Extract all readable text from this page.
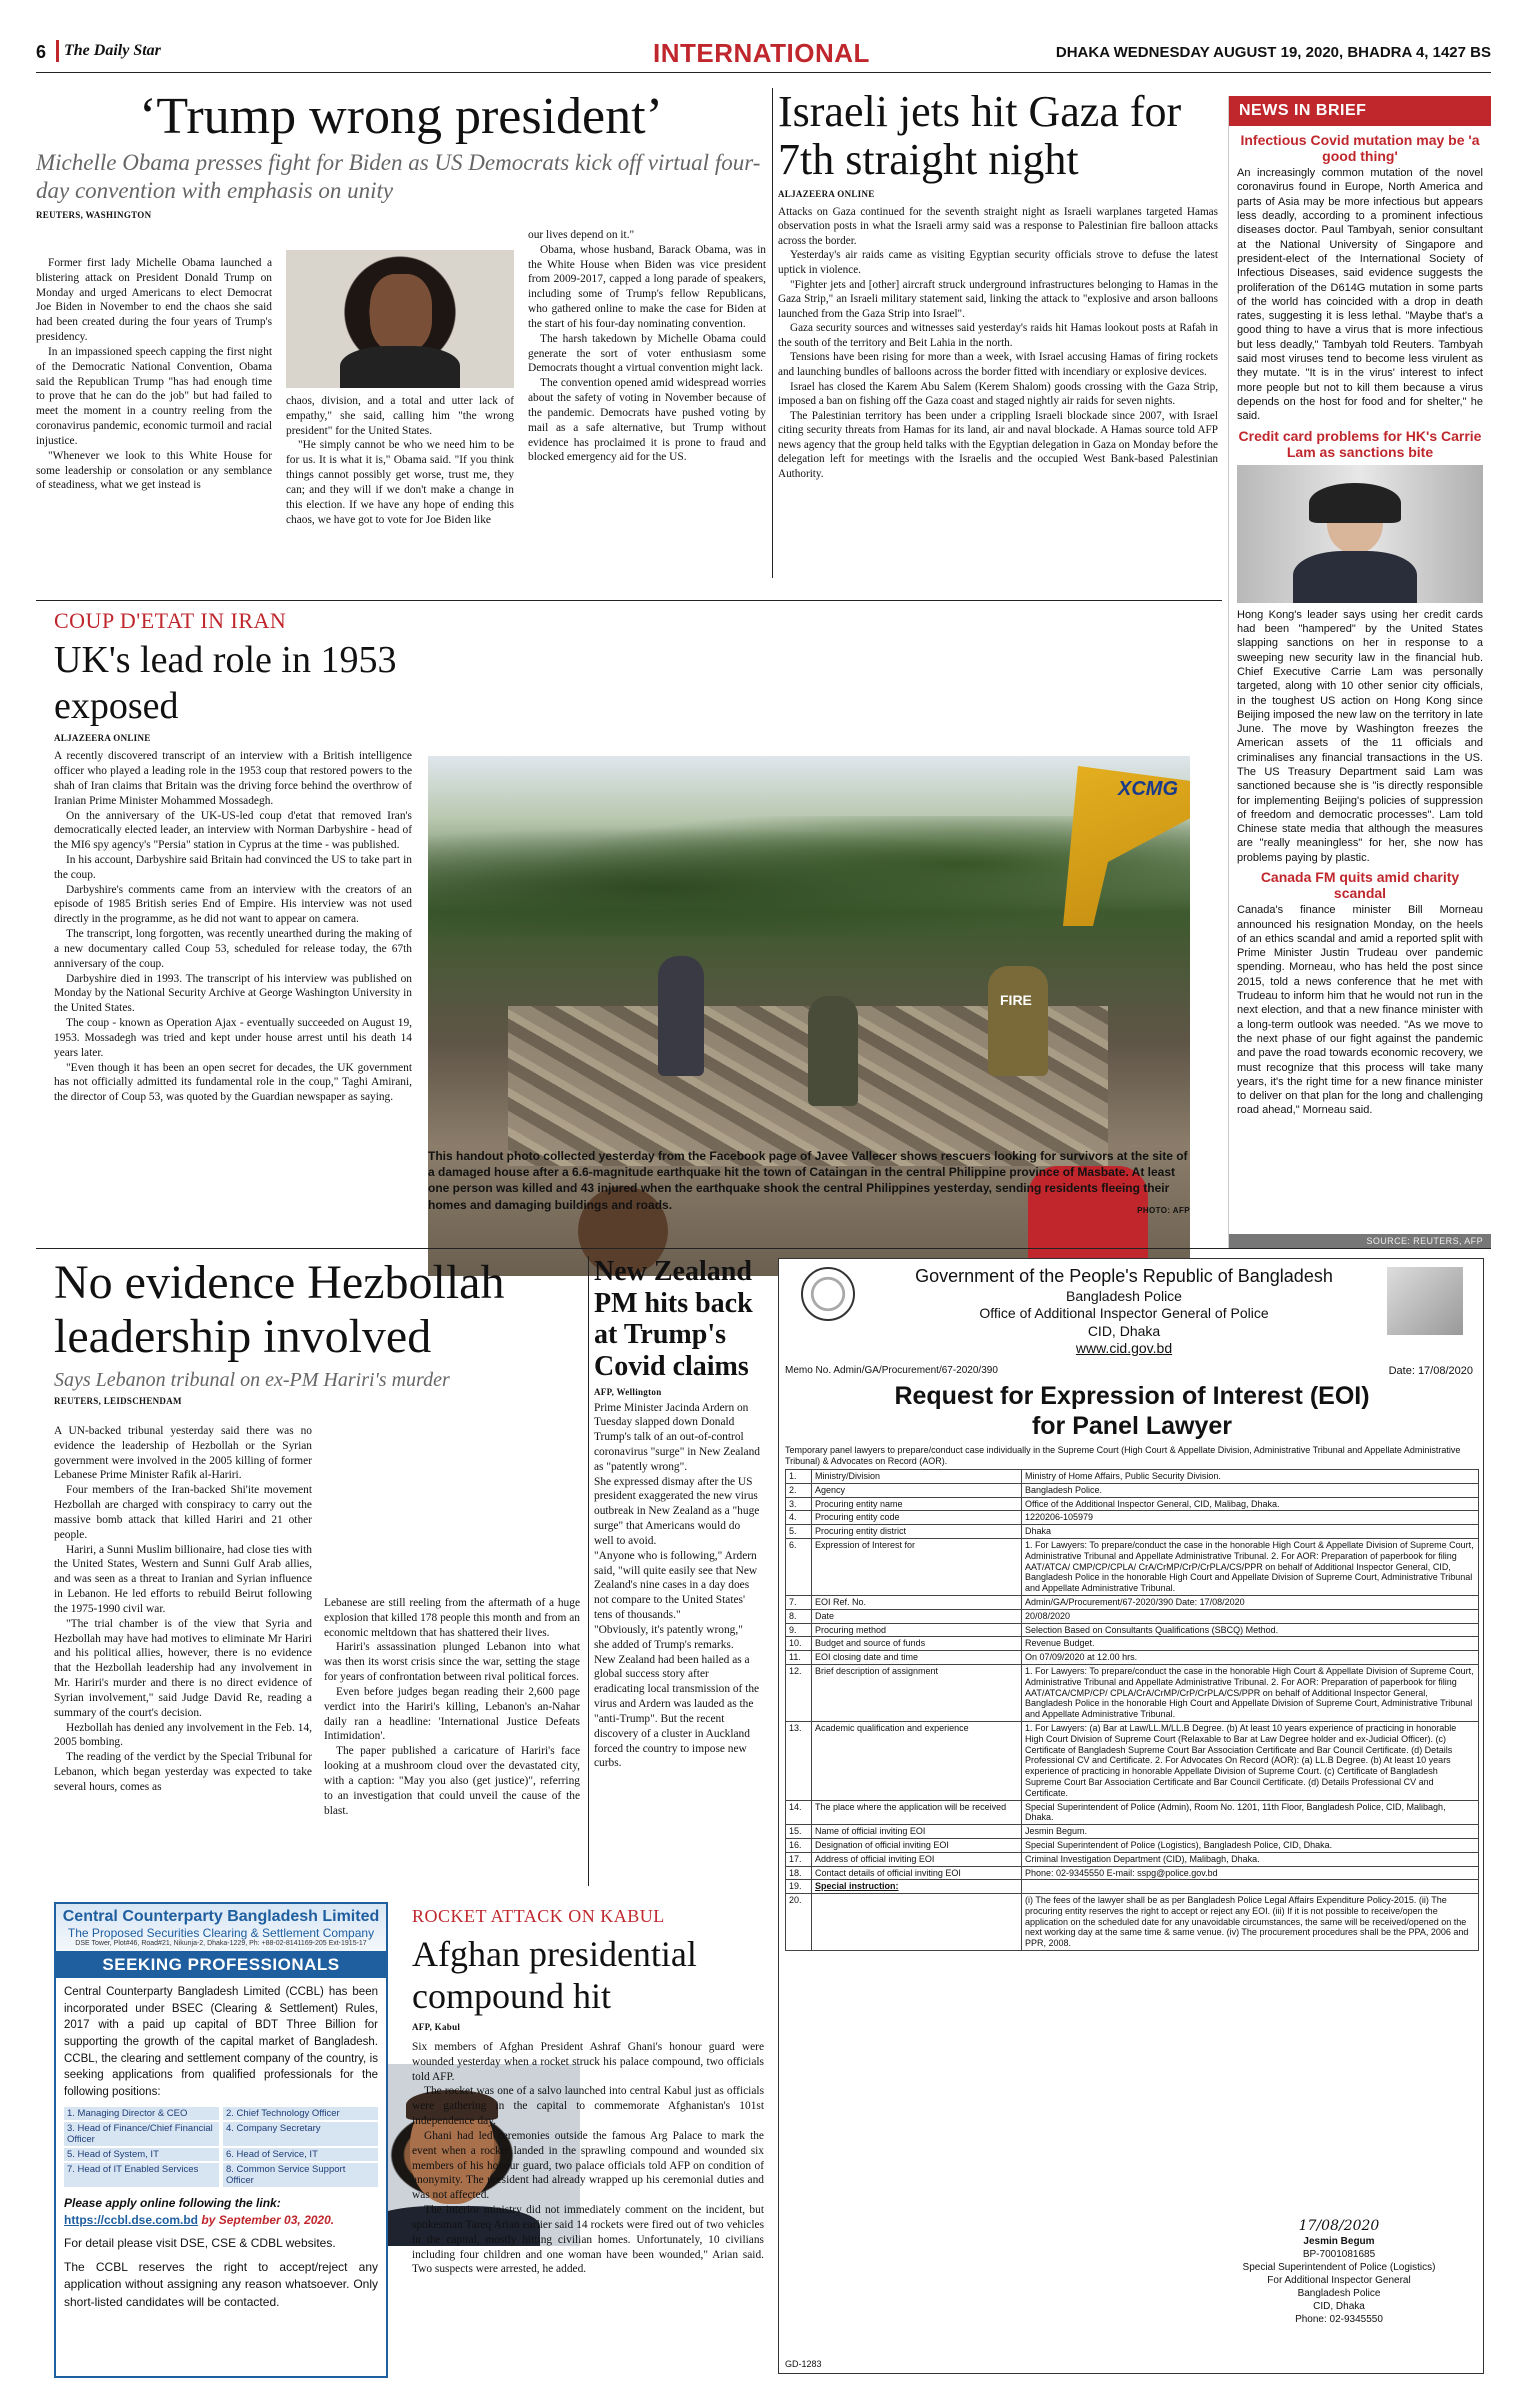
6 The Daily Star	INTERNATIONAL	DHAKA WEDNESDAY AUGUST 19, 2020, BHADRA 4, 1427 BS
‘Trump wrong president’
Michelle Obama presses fight for Biden as US Democrats kick off virtual four-day convention with emphasis on unity
REUTERS, WASHINGTON

Former first lady Michelle Obama launched a blistering attack on President Donald Trump on Monday and urged Americans to elect Democrat Joe Biden in November to end the chaos she said had been created during the four years of Trump's presidency.

In an impassioned speech capping the first night of the Democratic National Convention, Obama said the Republican Trump "has had enough time to prove that he can do the job" but had failed to meet the moment in a country reeling from the coronavirus pandemic, economic turmoil and racial injustice.

"Whenever we look to this White House for some leadership or consolation or any semblance of steadiness, what we get instead is

chaos, division, and a total and utter lack of empathy," she said, calling him "the wrong president" for the United States.

"He simply cannot be who we need him to be for us. It is what it is," Obama said. "If you think things cannot possibly get worse, trust me, they can; and they will if we don't make a change in this election. If we have any hope of ending this chaos, we have got to vote for Joe Biden like

our lives depend on it."

Obama, whose husband, Barack Obama, was in the White House when Biden was vice president from 2009-2017, capped a long parade of speakers, including some of Trump's fellow Republicans, who gathered online to make the case for Biden at the start of his four-day nominating convention.

The harsh takedown by Michelle Obama could generate the sort of voter enthusiasm some Democrats thought a virtual convention might lack.

The convention opened amid widespread worries about the safety of voting in November because of the pandemic. Democrats have pushed voting by mail as a safe alternative, but Trump without evidence has proclaimed it is prone to fraud and blocked emergency aid for the US.

Israeli jets hit Gaza for 7th straight night
ALJAZEERA ONLINE

Attacks on Gaza continued for the seventh straight night as Israeli warplanes targeted Hamas observation posts in what the Israeli army said was a response to Palestinian fire balloon attacks across the border.

Yesterday's air raids came as visiting Egyptian security officials strove to defuse the latest uptick in violence.

"Fighter jets and [other] aircraft struck underground infrastructures belonging to Hamas in the Gaza Strip," an Israeli military statement said, linking the attack to "explosive and arson balloons launched from the Gaza Strip into Israel".

Gaza security sources and witnesses said yesterday's raids hit Hamas lookout posts at Rafah in the south of the territory and Beit Lahia in the north.

Tensions have been rising for more than a week, with Israel accusing Hamas of firing rockets and launching bundles of balloons across the border fitted with incendiary or explosive devices.

Israel has closed the Karem Abu Salem (Kerem Shalom) goods crossing with the Gaza Strip, imposed a ban on fishing off the Gaza coast and staged nightly air raids for seven nights.

The Palestinian territory has been under a crippling Israeli blockade since 2007, with Israel citing security threats from Hamas for its land, air and naval blockade. A Hamas source told AFP news agency that the group held talks with the Egyptian delegation in Gaza on Monday before the delegation left for meetings with the Israelis and the occupied West Bank-based Palestinian Authority.

NEWS IN BRIEF
Infectious Covid mutation may be 'a good thing'
An increasingly common mutation of the novel coronavirus found in Europe, North America and parts of Asia may be more infectious but appears less deadly, according to a prominent infectious diseases doctor. Paul Tambyah, senior consultant at the National University of Singapore and president-elect of the International Society of Infectious Diseases, said evidence suggests the proliferation of the D614G mutation in some parts of the world has coincided with a drop in death rates, suggesting it is less lethal. "Maybe that's a good thing to have a virus that is more infectious but less deadly," Tambyah told Reuters. Tambyah said most viruses tend to become less virulent as they mutate. "It is in the virus' interest to infect more people but not to kill them because a virus depends on the host for food and for shelter," he said.
Credit card problems for HK's Carrie Lam as sanctions bite
Hong Kong's leader says using her credit cards had been "hampered" by the United States slapping sanctions on her in response to a sweeping new security law in the financial hub. Chief Executive Carrie Lam was personally targeted, along with 10 other senior city officials, in the toughest US action on Hong Kong since Beijing imposed the new law on the territory in late June. The move by Washington freezes the American assets of the 11 officials and criminalises any financial transactions in the US. The US Treasury Department said Lam was sanctioned because she is "is directly responsible for implementing Beijing's policies of suppression of freedom and democratic processes". Lam told Chinese state media that although the measures are "really meaningless" for her, she now has problems paying by plastic.
Canada FM quits amid charity scandal
Canada's finance minister Bill Morneau announced his resignation Monday, on the heels of an ethics scandal and amid a reported split with Prime Minister Justin Trudeau over pandemic spending. Morneau, who has held the post since 2015, told a news conference that he met with Trudeau to inform him that he would not run in the next election, and that a new finance minister with a long-term outlook was needed. "As we move to the next phase of our fight against the pandemic and pave the road towards economic recovery, we must recognize that this process will take many years, it's the right time for a new finance minister to deliver on that plan for the long and challenging road ahead," Morneau said.
SOURCE: REUTERS, AFP
COUP D'ETAT IN IRAN
UK's lead role in 1953 exposed
ALJAZEERA ONLINE

A recently discovered transcript of an interview with a British intelligence officer who played a leading role in the 1953 coup that restored powers to the shah of Iran claims that Britain was the driving force behind the overthrow of Iranian Prime Minister Mohammed Mossadegh.

On the anniversary of the UK-US-led coup d'etat that removed Iran's democratically elected leader, an interview with Norman Darbyshire - head of the MI6 spy agency's "Persia" station in Cyprus at the time - was published.

In his account, Darbyshire said Britain had convinced the US to take part in the coup.

Darbyshire's comments came from an interview with the creators of an episode of 1985 British series End of Empire. His interview was not used directly in the programme, as he did not want to appear on camera.

The transcript, long forgotten, was recently unearthed during the making of a new documentary called Coup 53, scheduled for release today, the 67th anniversary of the coup.

Darbyshire died in 1993. The transcript of his interview was published on Monday by the National Security Archive at George Washington University in the United States.

The coup - known as Operation Ajax - eventually succeeded on August 19, 1953. Mossadegh was tried and kept under house arrest until his death 14 years later.

"Even though it has been an open secret for decades, the UK government has not officially admitted its fundamental role in the coup," Taghi Amirani, the director of Coup 53, was quoted by the Guardian newspaper as saying.

XCMG
FIRE
This handout photo collected yesterday from the Facebook page of Javee Vallecer shows rescuers looking for survivors at the site of a damaged house after a 6.6-magnitude earthquake hit the town of Cataingan in the central Philippine province of Masbate. At least one person was killed and 43 injured when the earthquake shook the central Philippines yesterday, sending residents fleeing their homes and damaging buildings and roads.	PHOTO: AFP
No evidence Hezbollah leadership involved
Says Lebanon tribunal on ex-PM Hariri's murder
REUTERS, LEIDSCHENDAM

A UN-backed tribunal yesterday said there was no evidence the leadership of Hezbollah or the Syrian government were involved in the 2005 killing of former Lebanese Prime Minister Rafik al-Hariri.

Four members of the Iran-backed Shi'ite movement Hezbollah are charged with conspiracy to carry out the massive bomb attack that killed Hariri and 21 other people.

Hariri, a Sunni Muslim billionaire, had close ties with the United States, Western and Sunni Gulf Arab allies, and was seen as a threat to Iranian and Syrian influence in Lebanon. He led efforts to rebuild Beirut following the 1975-1990 civil war.

"The trial chamber is of the view that Syria and Hezbollah may have had motives to eliminate Mr Hariri and his political allies, however, there is no evidence that the Hezbollah leadership had any involvement in Mr. Hariri's murder and there is no direct evidence of Syrian involvement," said Judge David Re, reading a summary of the court's decision.

Hezbollah has denied any involvement in the Feb. 14, 2005 bombing.

The reading of the verdict by the Special Tribunal for Lebanon, which began yesterday was expected to take several hours, comes as

Lebanese are still reeling from the aftermath of a huge explosion that killed 178 people this month and from an economic meltdown that has shattered their lives.

Hariri's assassination plunged Lebanon into what was then its worst crisis since the war, setting the stage for years of confrontation between rival political forces.

Even before judges began reading their 2,600 page verdict into the Hariri's killing, Lebanon's an-Nahar daily ran a headline: 'International Justice Defeats Intimidation'.

The paper published a caricature of Hariri's face looking at a mushroom cloud over the devastated city, with a caption: "May you also (get justice)", referring to an investigation that could unveil the cause of the blast.

New Zealand PM hits back at Trump's Covid claims
AFP, Wellington

Prime Minister Jacinda Ardern on Tuesday slapped down Donald Trump's talk of an out-of-control coronavirus "surge" in New Zealand as "patently wrong".

She expressed dismay after the US president exaggerated the new virus outbreak in New Zealand as a "huge surge" that Americans would do well to avoid.

"Anyone who is following," Ardern said, "will quite easily see that New Zealand's nine cases in a day does not compare to the United States' tens of thousands."

"Obviously, it's patently wrong," she added of Trump's remarks.

New Zealand had been hailed as a global success story after eradicating local transmission of the virus and Ardern was lauded as the "anti-Trump". But the recent discovery of a cluster in Auckland forced the country to impose new curbs.

Government of the People's Republic of Bangladesh
Bangladesh Police
Office of Additional Inspector General of Police
CID, Dhaka
www.cid.gov.bd
Memo No. Admin/GA/Procurement/67-2020/390	Date: 17/08/2020
Request for Expression of Interest (EOI)
for Panel Lawyer
Temporary panel lawyers to prepare/conduct case individually in the Supreme Court (High Court & Appellate Division, Administrative Tribunal and Appellate Administrative Tribunal) & Advocates on Record (AOR).
1.	Ministry/Division	Ministry of Home Affairs, Public Security Division.
2.	Agency	Bangladesh Police.
3.	Procuring entity name	Office of the Additional Inspector General, CID, Malibag, Dhaka.
4.	Procuring entity code	1220206-105979
5.	Procuring entity district	Dhaka
6.	Expression of Interest for	1. For Lawyers: To prepare/conduct the case in the honorable High Court & Appellate Division of Supreme Court, Administrative Tribunal and Appellate Administrative Tribunal. 2. For AOR: Preparation of paperbook for filing AAT/ATCA/ CMP/CP/CPLA/ CrA/CrMP/CrP/CrPLA/CS/PPR on behalf of Additional Inspector General, CID, Bangladesh Police in the honorable High Court and Appellate Division of Supreme Court, Administrative Tribunal and Appellate Administrative Tribunal.
7.	EOI Ref. No.	Admin/GA/Procurement/67-2020/390 Date: 17/08/2020
8.	Date	20/08/2020
9.	Procuring method	Selection Based on Consultants Qualifications (SBCQ) Method.
10.	Budget and source of funds	Revenue Budget.
11.	EOI closing date and time	On 07/09/2020 at 12.00 hrs.
12.	Brief description of assignment	1. For Lawyers: To prepare/conduct the case in the honorable High Court & Appellate Division of Supreme Court, Administrative Tribunal and Appellate Administrative Tribunal. 2. For AOR: Preparation of paperbook for filing AAT/ATCA/CMP/CP/ CPLA/CrA/CrMP/CrP/CrPLA/CS/PPR on behalf of Additional Inspector General, Bangladesh Police in the honorable High Court and Appellate Division of Supreme Court, Administrative Tribunal and Appellate Administrative Tribunal.
13.	Academic qualification and experience	1. For Lawyers: (a) Bar at Law/LL.M/LL.B Degree. (b) At least 10 years experience of practicing in honorable High Court Division of Supreme Court (Relaxable to Bar at Law Degree holder and ex-Judicial Officer). (c) Certificate of Bangladesh Supreme Court Bar Association Certificate and Bar Council Certificate. (d) Details Professional CV and Certificate. 2. For Advocates On Record (AOR): (a) LL.B Degree. (b) At least 10 years experience of practicing in honorable Appellate Division of Supreme Court. (c) Certificate of Bangladesh Supreme Court Bar Association Certificate and Bar Council Certificate. (d) Details Professional CV and Certificate.
14.	The place where the application will be received	Special Superintendent of Police (Admin), Room No. 1201, 11th Floor, Bangladesh Police, CID, Malibagh, Dhaka.
15.	Name of official inviting EOI	Jesmin Begum.
16.	Designation of official inviting EOI	Special Superintendent of Police (Logistics), Bangladesh Police, CID, Dhaka.
17.	Address of official inviting EOI	Criminal Investigation Department (CID), Malibagh, Dhaka.
18.	Contact details of official inviting EOI	Phone: 02-9345550 E-mail: sspg@police.gov.bd
19.	Special instruction:	
20.		(i) The fees of the lawyer shall be as per Bangladesh Police Legal Affairs Expenditure Policy-2015. (ii) The procuring entity reserves the right to accept or reject any EOI. (iii) If it is not possible to receive/open the application on the scheduled date for any unavoidable circumstances, the same will be received/opened on the next working day at the same time & same venue. (iv) The procurement procedures shall be the PPA, 2006 and PPR, 2008.
17/08/2020
Jesmin Begum
BP-7001081685
Special Superintendent of Police (Logistics)
For Additional Inspector General
Bangladesh Police
CID, Dhaka
Phone: 02-9345550
GD-1283
Central Counterparty Bangladesh Limited
The Proposed Securities Clearing & Settlement Company
DSE Tower, Plot#46, Road#21, Nikunja-2, Dhaka-1229, Ph: +88-02-8141169-205 Ext-1915-17
SEEKING PROFESSIONALS
Central Counterparty Bangladesh Limited (CCBL) has been incorporated under BSEC (Clearing & Settlement) Rules, 2017 with a paid up capital of BDT Three Billion for supporting the growth of the capital market of Bangladesh. CCBL, the clearing and settlement company of the country, is seeking applications from qualified professionals for the following positions:
1. Managing Director & CEO	2. Chief Technology Officer
3. Head of Finance/Chief Financial Officer
4. Company Secretary
5. Head of System, IT	6. Head of Service, IT
7. Head of IT Enabled Services	8. Common Service Support Officer
Please apply online following the link:
https://ccbl.dse.com.bd by September 03, 2020.
For detail please visit DSE, CSE & CDBL websites.
The CCBL reserves the right to accept/reject any application without assigning any reason whatsoever. Only short-listed candidates will be contacted.
ROCKET ATTACK ON KABUL
Afghan presidential compound hit
AFP, Kabul

Six members of Afghan President Ashraf Ghani's honour guard were wounded yesterday when a rocket struck his palace compound, two officials told AFP.

The rocket was one of a salvo launched into central Kabul just as officials were gathering in the capital to commemorate Afghanistan's 101st independence day.

Ghani had led ceremonies outside the famous Arg Palace to mark the event when a rocket landed in the sprawling compound and wounded six members of his honour guard, two palace officials told AFP on condition of anonymity. The president had already wrapped up his ceremonial duties and was not affected.

The interior ministry did not immediately comment on the incident, but spokesman Tareq Arian earlier said 14 rockets were fired out of two vehicles in the capital, mostly hitting civilian homes. Unfortunately, 10 civilians including four children and one woman have been wounded," Arian said. Two suspects were arrested, he added.
